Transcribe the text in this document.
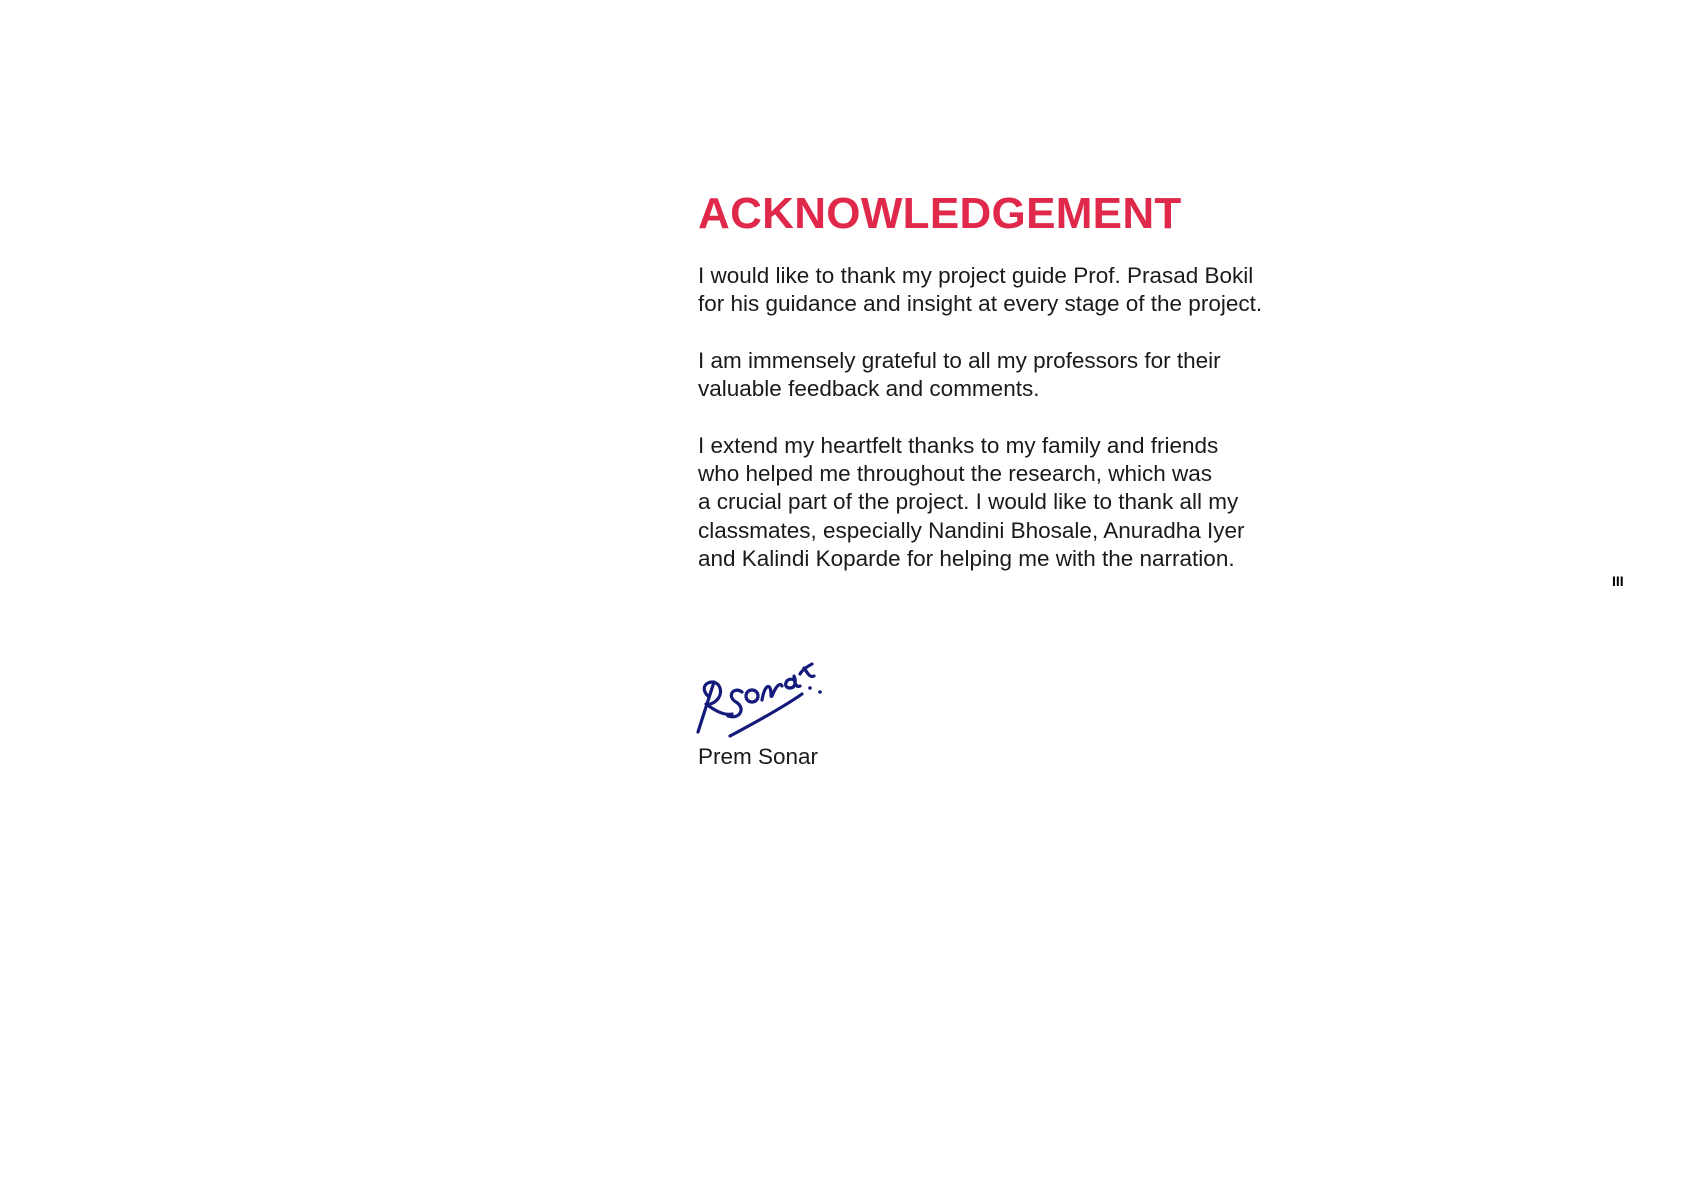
ACKNOWLEDGEMENT

I would like to thank my project guide Prof. Prasad Bokil
for his guidance and insight at every stage of the project.

I am immensely grateful to all my professors for their
valuable feedback and comments.

I extend my heartfelt thanks to my family and friends
who helped me throughout the research, which was
a crucial part of the project. I would like to thank all my
classmates, especially Nandini Bhosale, Anuradha Iyer
and Kalindi Koparde for helping me with the narration.

Prem Sonar
III
